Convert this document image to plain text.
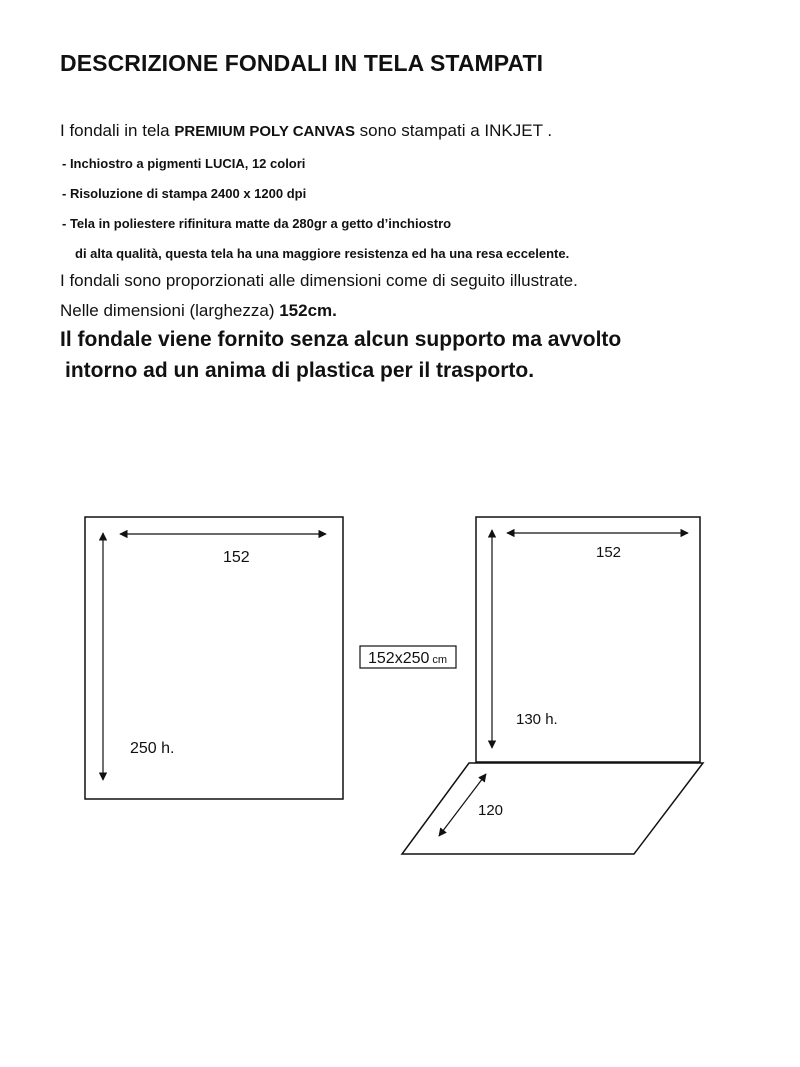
DESCRIZIONE FONDALI IN TELA STAMPATI
I fondali in tela PREMIUM POLY CANVAS sono stampati a INKJET .
- Inchiostro a pigmenti LUCIA, 12 colori
- Risoluzione di stampa 2400 x 1200 dpi
- Tela in poliestere rifinitura matte da 280gr a getto d’inchiostro
di alta qualità, questa tela ha una maggiore resistenza ed ha una resa eccelente.
I fondali sono proporzionati alle dimensioni come di seguito illustrate.
Nelle dimensioni (larghezza) 152cm.
Il fondale viene fornito senza alcun supporto ma avvolto
intorno ad un anima di plastica per il trasporto.
152
250 h.
152x250 cm
152
130 h.
120
